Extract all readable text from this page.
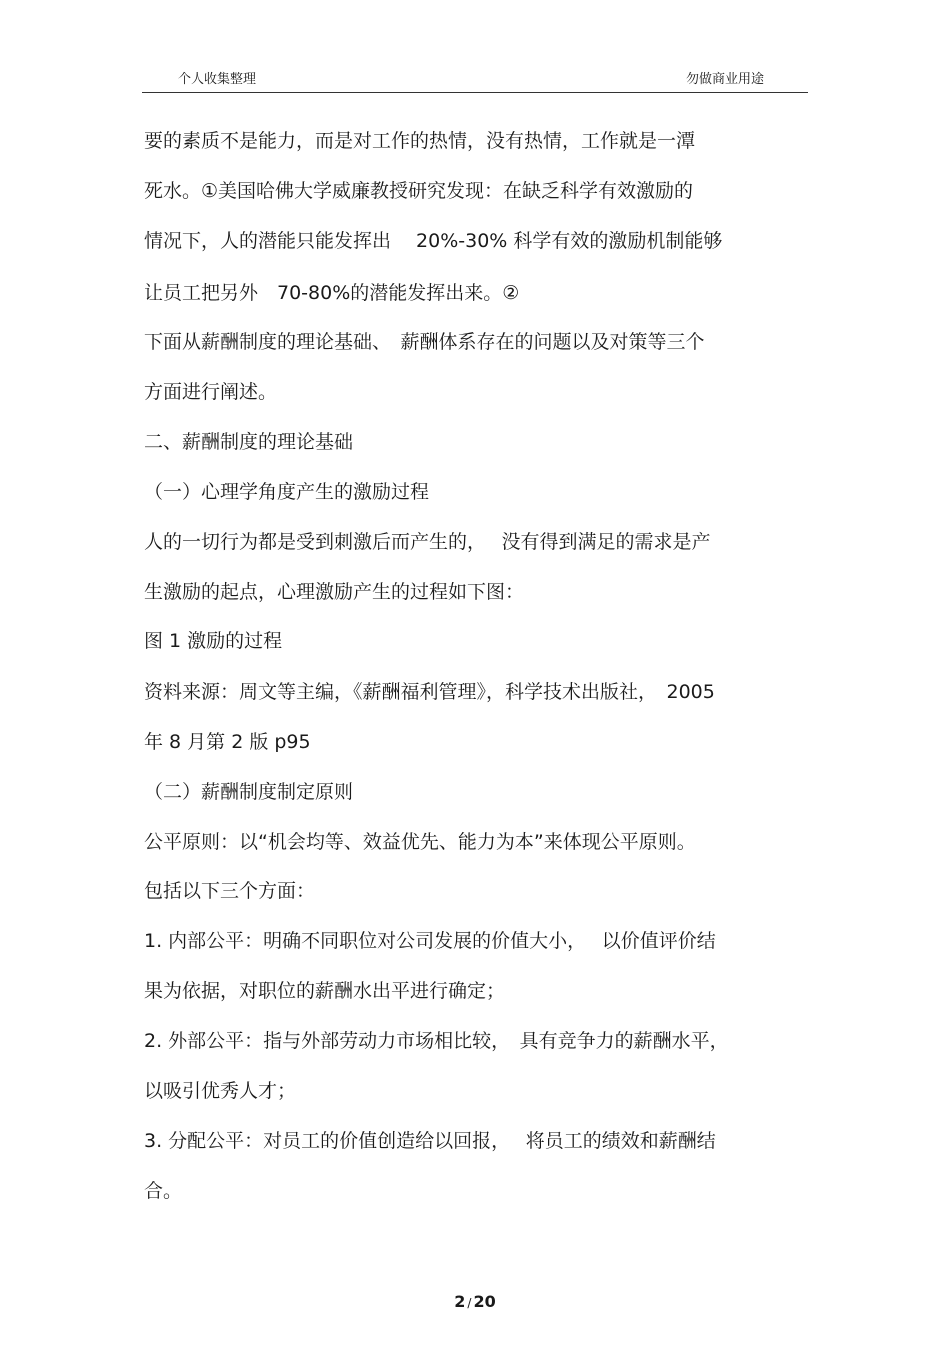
个人收集整理	勿做商业用途
要的素质不是能力，而是对工作的热情，没有热情，工作就是一潭
死水。①美国哈佛大学威廉教授研究发现：在缺乏科学有效激励的
情况下，人的潜能只能发挥出　 20%-30% 科学有效的激励机制能够
让员工把另外　70-80%的潜能发挥出来。②
下面从薪酬制度的理论基础、　薪酬体系存在的问题以及对策等三个
方面进行阐述。
二、薪酬制度的理论基础
（一）心理学角度产生的激励过程
人的一切行为都是受到刺激后而产生的，　 没有得到满足的需求是产
生激励的起点，心理激励产生的过程如下图：
图 1 激励的过程
资料来源：周文等主编，《薪酬福利管理》，科学技术出版社，　2005
年 8 月第 2 版 p95
（二）薪酬制度制定原则
公平原则：以“机会均等、效益优先、能力为本”来体现公平原则。
包括以下三个方面：
1. 内部公平：明确不同职位对公司发展的价值大小，　 以价值评价结
果为依据，对职位的薪酬水出平进行确定；
2. 外部公平：指与外部劳动力市场相比较，　具有竞争力的薪酬水平，
以吸引优秀人才；
3. 分配公平：对员工的价值创造给以回报，　 将员工的绩效和薪酬结
合。
2 / 20
